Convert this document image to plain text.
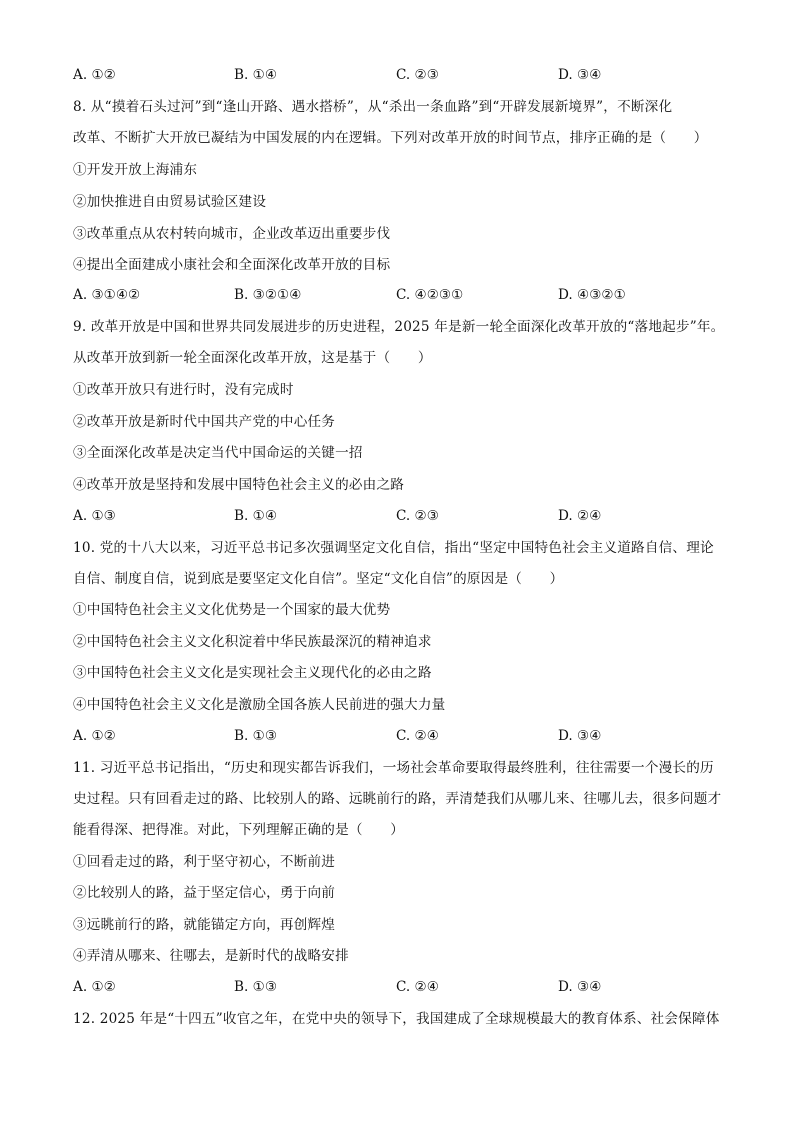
A. ①②	B. ①④	C. ②③	D. ③④
8. 从“摸着石头过河”到“逢山开路、遇水搭桥”，从“杀出一条血路”到“开辟发展新境界”，不断深化
改革、不断扩大开放已凝结为中国发展的内在逻辑。下列对改革开放的时间节点，排序正确的是（　　）
①开发开放上海浦东
②加快推进自由贸易试验区建设
③改革重点从农村转向城市，企业改革迈出重要步伐
④提出全面建成小康社会和全面深化改革开放的目标
A. ③①④②	B. ③②①④	C. ④②③①	D. ④③②①
9. 改革开放是中国和世界共同发展进步的历史进程，2025 年是新一轮全面深化改革开放的“落地起步”年。
从改革开放到新一轮全面深化改革开放，这是基于（　　）
①改革开放只有进行时，没有完成时
②改革开放是新时代中国共产党的中心任务
③全面深化改革是决定当代中国命运的关键一招
④改革开放是坚持和发展中国特色社会主义的必由之路
A. ①③	B. ①④	C. ②③	D. ②④
10. 党的十八大以来，习近平总书记多次强调坚定文化自信，指出“坚定中国特色社会主义道路自信、理论
自信、制度自信，说到底是要坚定文化自信”。坚定“文化自信”的原因是（　　）
①中国特色社会主义文化优势是一个国家的最大优势
②中国特色社会主义文化积淀着中华民族最深沉的精神追求
③中国特色社会主义文化是实现社会主义现代化的必由之路
④中国特色社会主义文化是激励全国各族人民前进的强大力量
A. ①②	B. ①③	C. ②④	D. ③④
11. 习近平总书记指出，“历史和现实都告诉我们，一场社会革命要取得最终胜利，往往需要一个漫长的历
史过程。只有回看走过的路、比较别人的路、远眺前行的路，弄清楚我们从哪儿来、往哪儿去，很多问题才
能看得深、把得准。对此，下列理解正确的是（　　）
①回看走过的路，利于坚守初心，不断前进
②比较别人的路，益于坚定信心，勇于向前
③远眺前行的路，就能锚定方向，再创辉煌
④弄清从哪来、往哪去，是新时代的战略安排
A. ①②	B. ①③	C. ②④	D. ③④
12. 2025 年是“十四五”收官之年，在党中央的领导下，我国建成了全球规模最大的教育体系、社会保障体
